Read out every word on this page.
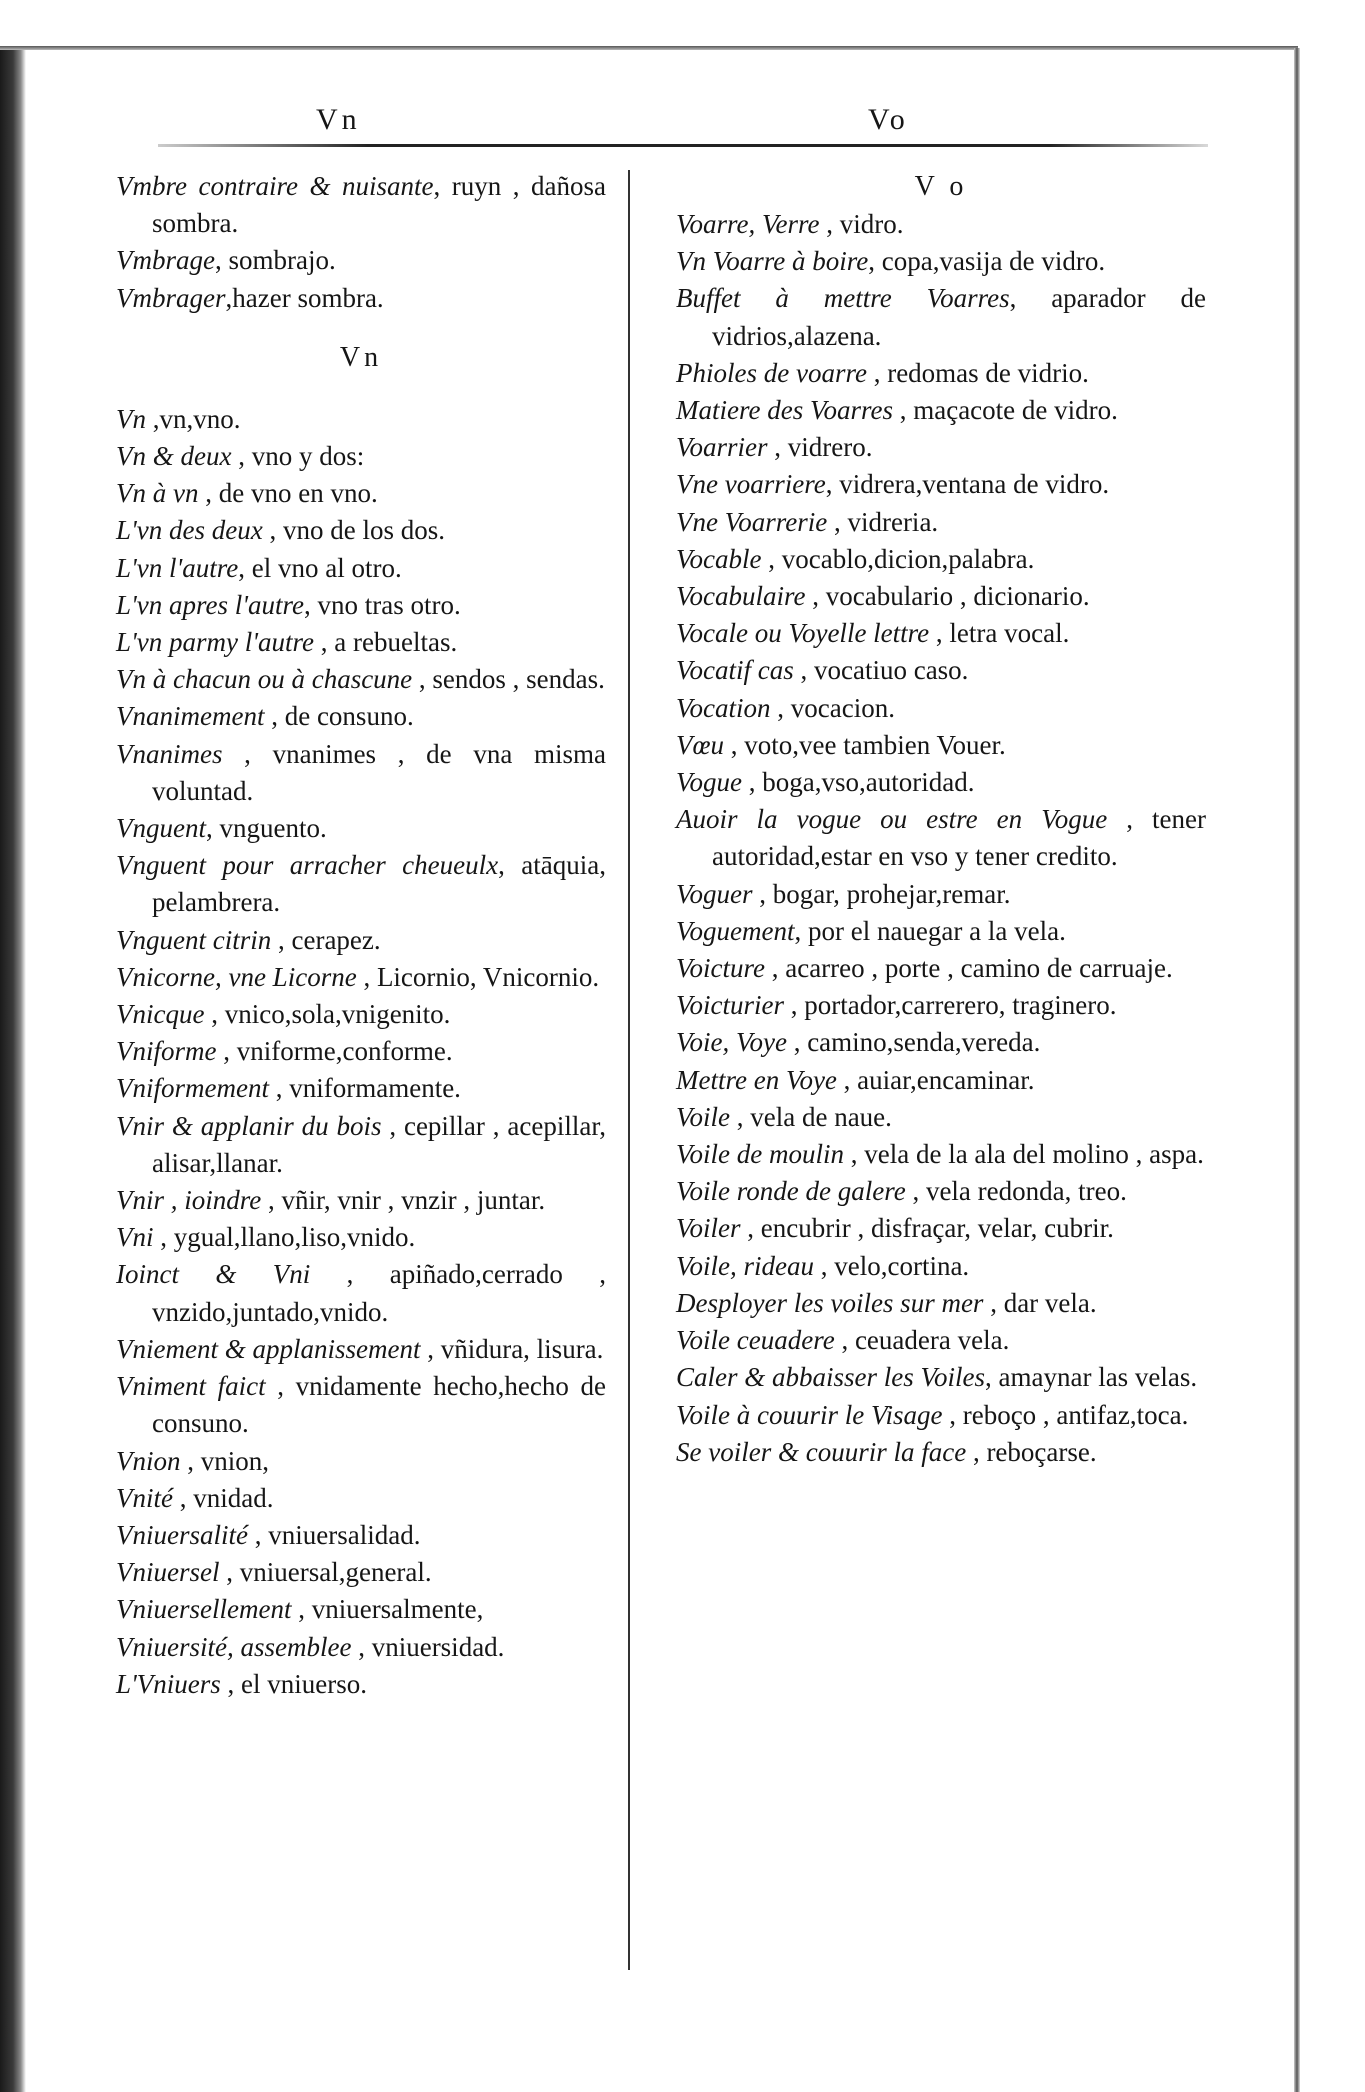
Vn	Vo
Vmbre contraire & nuisante, ruyn , dañosa sombra.
Vmbrage, sombrajo.
Vmbrager,hazer sombra.
Vn
Vn ,vn,vno.
Vn & deux , vno y dos:
Vn à vn , de vno en vno.
L'vn des deux , vno de los dos.
L'vn l'autre, el vno al otro.
L'vn apres l'autre, vno tras otro.
L'vn parmy l'autre , a rebueltas.
Vn à chacun ou à chascune , sendos , sendas.
Vnanimement , de consuno.
Vnanimes , vnanimes , de vna misma voluntad.
Vnguent, vnguento.
Vnguent pour arracher cheueulx, atāquia, pelambrera.
Vnguent citrin , cerapez.
Vnicorne, vne Licorne , Licornio, Vnicornio.
Vnicque , vnico,sola,vnigenito.
Vniforme , vniforme,conforme.
Vniformement , vniformamente.
Vnir & applanir du bois , cepillar , acepillar, alisar,llanar.
Vnir , ioindre , vñir, vnir , vnzir , juntar.
Vni , ygual,llano,liso,vnido.
Ioinct & Vni , apiñado,cerrado , vnzido,juntado,vnido.
Vniement & applanissement , vñidura, lisura.
Vniment faict , vnidamente hecho,hecho de consuno.
Vnion , vnion,
Vnité , vnidad.
Vniuersalité , vniuersalidad.
Vniuersel , vniuersal,general.
Vniuersellement , vniuersalmente,
Vniuersité, assemblee , vniuersidad.
L'Vniuers , el vniuerso.
V o
Voarre, Verre , vidro.
Vn Voarre à boire, copa,vasija de vidro.
Buffet à mettre Voarres, aparador de vidrios,alazena.
Phioles de voarre , redomas de vidrio.
Matiere des Voarres , maçacote de vidro.
Voarrier , vidrero.
Vne voarriere, vidrera,ventana de vidro.
Vne Voarrerie , vidreria.
Vocable , vocablo,dicion,palabra.
Vocabulaire , vocabulario , dicionario.
Vocale ou Voyelle lettre , letra vocal.
Vocatif cas , vocatiuo caso.
Vocation , vocacion.
Vœu , voto,vee tambien Vouer.
Vogue , boga,vso,autoridad.
Auoir la vogue ou estre en Vogue , tener autoridad,estar en vso y tener credito.
Voguer , bogar, prohejar,remar.
Voguement, por el nauegar a la vela.
Voicture , acarreo , porte , camino de carruaje.
Voicturier , portador,carrerero, traginero.
Voie, Voye , camino,senda,vereda.
Mettre en Voye , auiar,encaminar.
Voile , vela de naue.
Voile de moulin , vela de la ala del molino , aspa.
Voile ronde de galere , vela redonda, treo.
Voiler , encubrir , disfraçar, velar, cubrir.
Voile, rideau , velo,cortina.
Desployer les voiles sur mer , dar vela.
Voile ceuadere , ceuadera vela.
Caler & abbaisser les Voiles, amaynar las velas.
Voile à couurir le Visage , reboço , antifaz,toca.
Se voiler & couurir la face , reboçarse.
